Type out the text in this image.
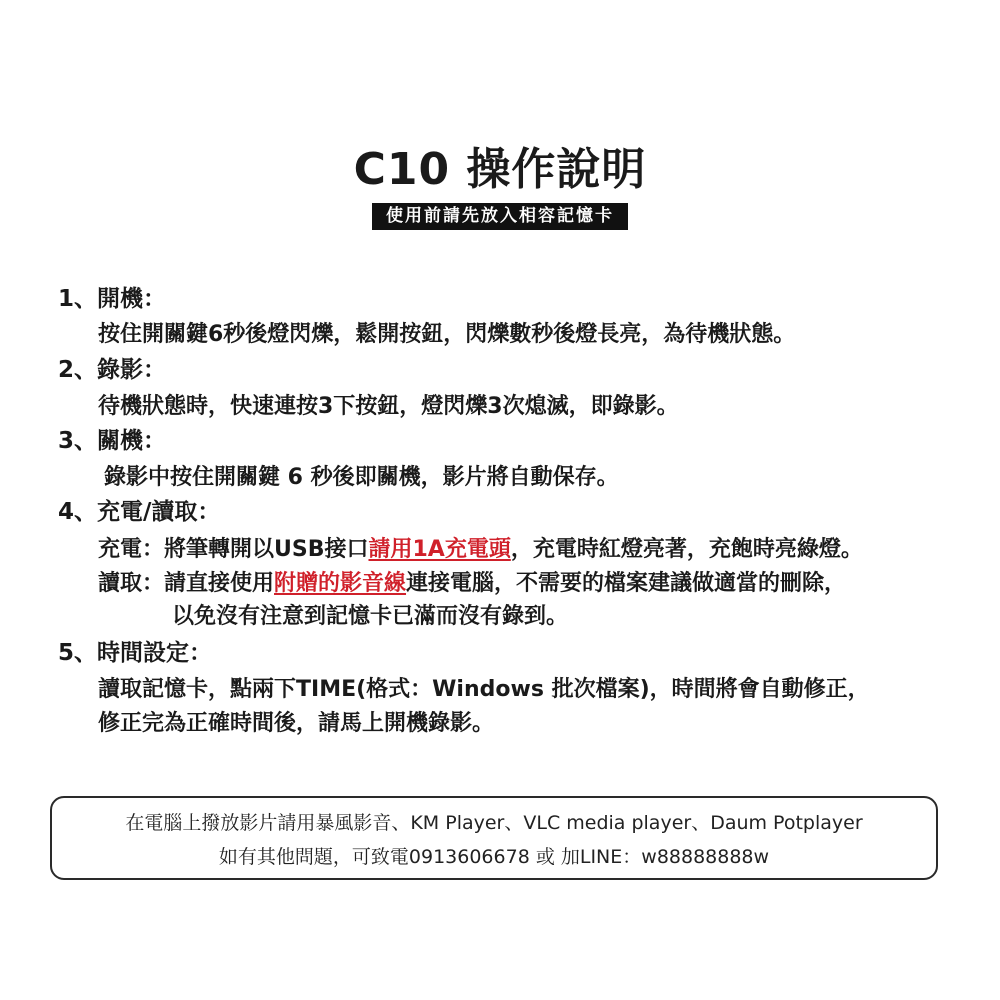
C10 操作說明
使用前請先放入相容記憶卡
1、開機：
按住開關鍵6秒後燈閃爍，鬆開按鈕，閃爍數秒後燈長亮，為待機狀態。
2、錄影：
待機狀態時，快速連按3下按鈕，燈閃爍3次熄滅，即錄影。
3、關機：
錄影中按住開關鍵 6 秒後即關機，影片將自動保存。
4、充電/讀取：
充電：將筆轉開以USB接口請用1A充電頭，充電時紅燈亮著，充飽時亮綠燈。
讀取：請直接使用附贈的影音線連接電腦，不需要的檔案建議做適當的刪除，
以免沒有注意到記憶卡已滿而沒有錄到。
5、時間設定：
讀取記憶卡，點兩下TIME(格式：Windows 批次檔案)，時間將會自動修正，
修正完為正確時間後，請馬上開機錄影。
在電腦上撥放影片請用暴風影音、KM Player、VLC media player、Daum Potplayer
如有其他問題，可致電0913606678 或 加LINE：w88888888w
